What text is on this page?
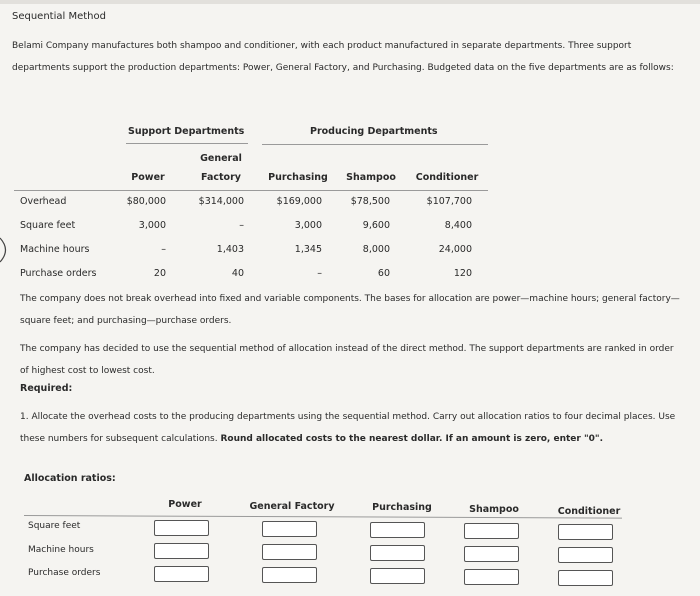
Sequential Method
Belami Company manufactures both shampoo and conditioner, with each product manufactured in separate departments. Three support departments support the production departments: Power, General Factory, and Purchasing. Budgeted data on the five departments are as follows:
Support Departments	Producing Departments
General
Power	Factory	Purchasing	Shampoo	Conditioner
Overhead	$80,000	$314,000	$169,000	$78,500	$107,700
Square feet	3,000	–	3,000	9,600	8,400
Machine hours	–	1,403	1,345	8,000	24,000
Purchase orders	20	40	–	60	120
The company does not break overhead into fixed and variable components. The bases for allocation are power—machine hours; general factory—square feet; and purchasing—purchase orders.
The company has decided to use the sequential method of allocation instead of the direct method. The support departments are ranked in order of highest cost to lowest cost.
Required:
1. Allocate the overhead costs to the producing departments using the sequential method. Carry out allocation ratios to four decimal places. Use these numbers for subsequent calculations. Round allocated costs to the nearest dollar. If an amount is zero, enter "0".
Allocation ratios:
Power	General Factory	Purchasing	Shampoo	Conditioner
Square feet
Machine hours
Purchase orders
